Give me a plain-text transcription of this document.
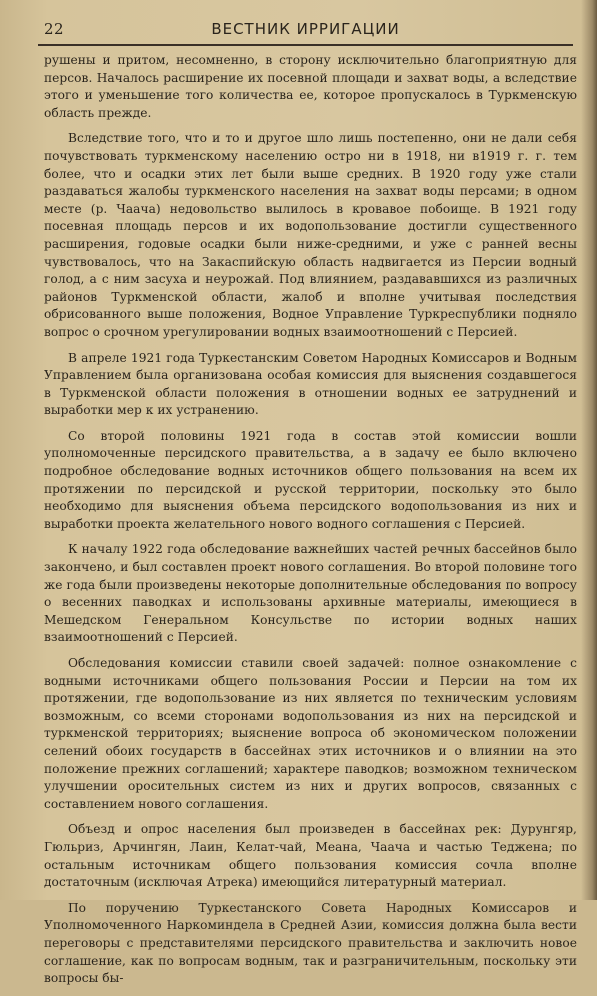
22	ВЕСТНИК ИРРИГАЦИИ

рушены и притом, несомненно, в сторону исключительно благоприятную для персов. Началось расширение их посевной площади и захват воды, а вследствие этого и уменьшение того количества ее, которое пропускалось в Туркменскую область прежде.

Вследствие того, что и то и другое шло лишь постепенно, они не дали себя почувствовать туркменскому населению остро ни в 1918, ни в1919 г. г. тем более, что и осадки этих лет были выше средних. В 1920 году уже стали раздаваться жалобы туркменского населения на захват воды персами; в одном месте (р. Чаача) недовольство вылилось в кровавое побоище. В 1921 году посевная площадь персов и их водопользование достигли существенного расширения, годовые осадки были ниже-средними, и уже с ранней весны чувствовалось, что на Закаспийскую область надвигается из Персии водный голод, а с ним засуха и неурожай. Под влиянием, раздававшихся из различных районов Туркменской области, жалоб и вполне учитывая последствия обрисованного выше положения, Водное Управление Туркреспублики подняло вопрос о срочном урегулировании водных взаимоотношений с Персией.

В апреле 1921 года Туркестанским Советом Народных Комиссаров и Водным Управлением была организована особая комиссия для выяснения создавшегося в Туркменской области положения в отношении водных ее затруднений и выработки мер к их устранению.

Со второй половины 1921 года в состав этой комиссии вошли уполномоченные персидского правительства, а в задачу ее было включено подробное обследование водных источников общего пользования на всем их протяжении по персидской и русской территории, поскольку это было необходимо для выяснения объема персидского водопользования из них и выработки проекта желательного нового водного соглашения с Персией.

К началу 1922 года обследование важнейших частей речных бассейнов было закончено, и был составлен проект нового соглашения. Во второй половине того же года были произведены некоторые дополнительные обследования по вопросу о весенних паводках и использованы архивные материалы, имеющиеся в Мешедском Генеральном Консульстве по истории водных наших взаимоотношений с Персией.

Обследования комиссии ставили своей задачей: полное ознакомление с водными источниками общего пользования России и Персии на том их протяжении, где водопользование из них является по техническим условиям возможным, со всеми сторонами водопользования из них на персидской и туркменской территориях; выяснение вопроса об экономическом положении селений обоих государств в бассейнах этих источников и о влиянии на это положение прежних соглашений; характере паводков; возможном техническом улучшении оросительных систем из них и других вопросов, связанных с составлением нового соглашения.

Объезд и опрос населения был произведен в бассейнах рек: Дурунгяр, Гюльриз, Арчингян, Лаин, Келат-чай, Меана, Чаача и частью Теджена; по остальным источникам общего пользования комиссия сочла вполне достаточным (исключая Атрека) имеющийся литературный материал.

По поручению Туркестанского Совета Народных Комиссаров и Уполномоченного Наркоминдела в Средней Азии, комиссия должна была вести переговоры с представителями персидского правительства и заключить новое соглашение, как по вопросам водным, так и разграничительным, поскольку эти вопросы бы-
